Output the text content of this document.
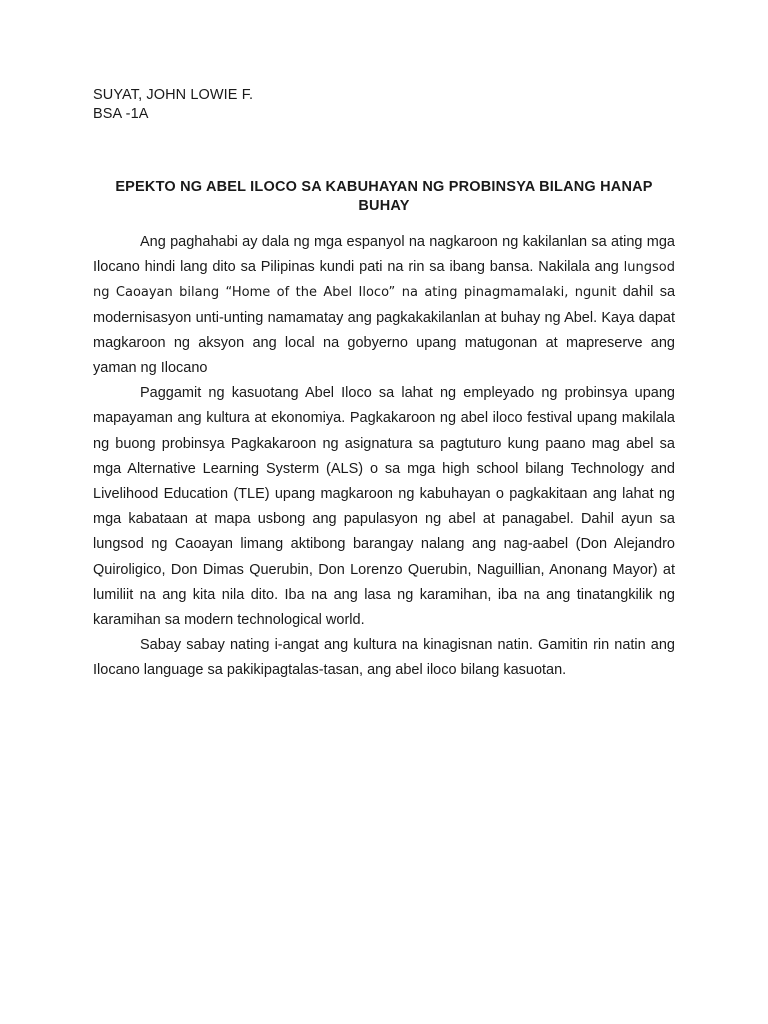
SUYAT, JOHN LOWIE F.
BSA -1A
EPEKTO NG ABEL ILOCO SA KABUHAYAN NG PROBINSYA BILANG HANAP BUHAY

Ang paghahabi ay dala ng mga espanyol na nagkaroon ng kakilanlan sa ating mga Ilocano hindi lang dito sa Pilipinas kundi pati na rin sa ibang bansa. Nakilala ang lungsod ng Caoayan bilang “Home of the Abel Iloco” na ating pinagmamalaki, ngunit dahil sa modernisasyon unti-unting namamatay ang pagkakakilanlan at buhay ng Abel. Kaya dapat magkaroon ng aksyon ang local na gobyerno upang matugonan at mapreserve ang yaman ng Ilocano

Paggamit ng kasuotang Abel Iloco sa lahat ng empleyado ng probinsya upang mapayaman ang kultura at ekonomiya. Pagkakaroon ng abel iloco festival upang makilala ng buong probinsya Pagkakaroon ng asignatura sa pagtuturo kung paano mag abel sa mga Alternative Learning Systerm (ALS) o sa mga high school bilang Technology and Livelihood Education (TLE) upang magkaroon ng kabuhayan o pagkakitaan ang lahat ng mga kabataan at mapa usbong ang papulasyon ng abel at panagabel. Dahil ayun sa lungsod ng Caoayan limang aktibong barangay nalang ang nag-aabel (Don Alejandro Quiroligico, Don Dimas Querubin, Don Lorenzo Querubin, Naguillian, Anonang Mayor) at lumiliit na ang kita nila dito. Iba na ang lasa ng karamihan, iba na ang tinatangkilik ng karamihan sa modern technological world.

Sabay sabay nating i-angat ang kultura na kinagisnan natin. Gamitin rin natin ang Ilocano language sa pakikipagtalas-tasan, ang abel iloco bilang kasuotan.
